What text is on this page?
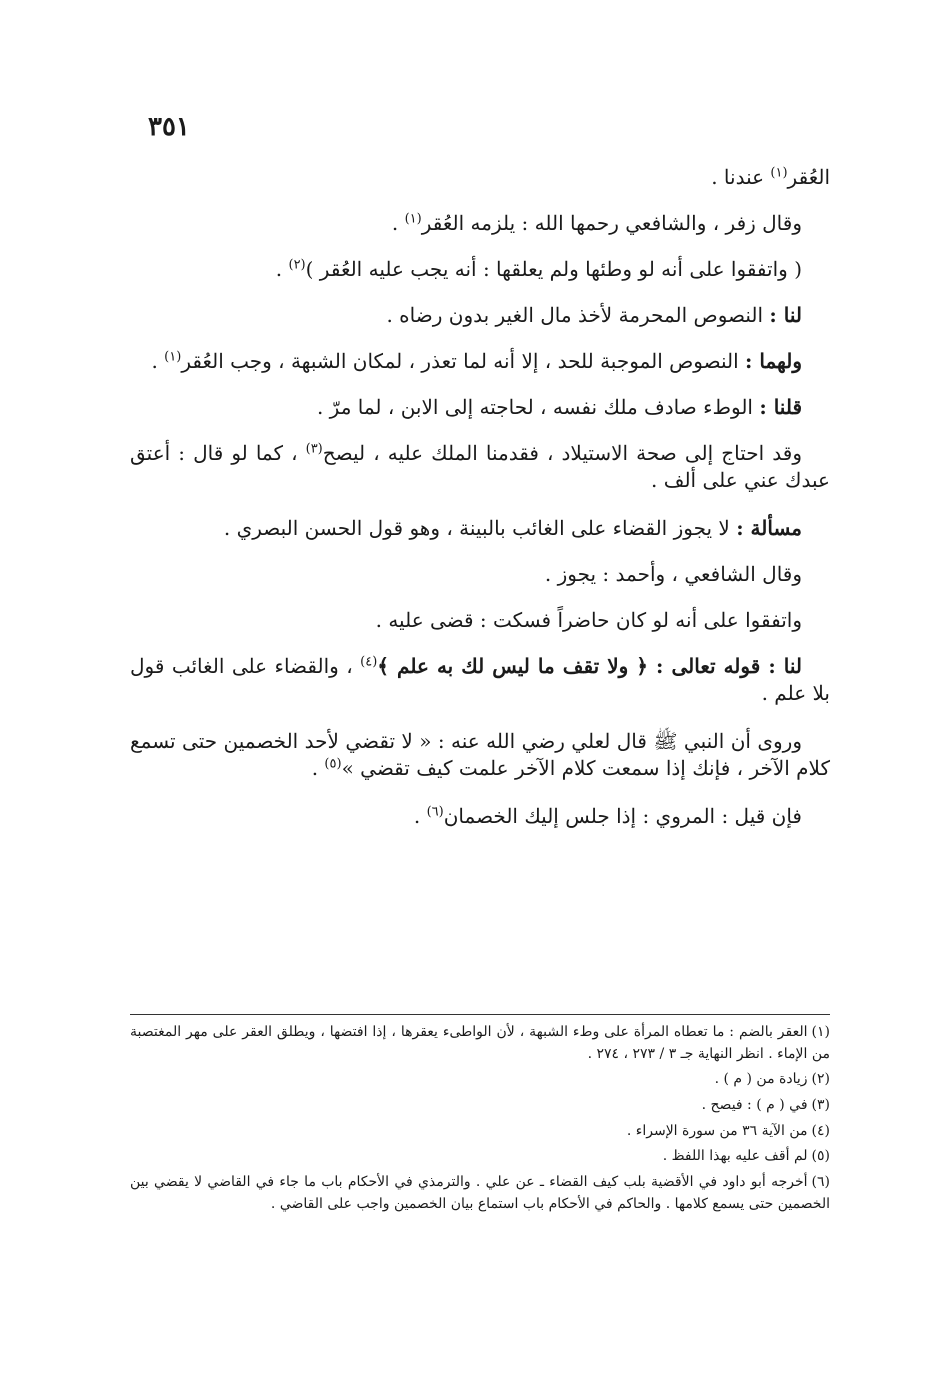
٣٥١

العُقر$^{(١)}$ عندنا .

وقال زفر ، والشافعي رحمها الله : يلزمه العُقر$^{(١)}$ .

( واتفقوا على أنه لو وطئها ولم يعلقها : أنه يجب عليه العُقر )$^{(٢)}$ .

لنا : النصوص المحرمة لأخذ مال الغير بدون رضاه .

ولهما : النصوص الموجبة للحد ، إلا أنه لما تعذر ، لمكان الشبهة ، وجب العُقر$^{(١)}$ .

قلنا : الوطء صادف ملك نفسه ، لحاجته إلى الابن ، لما مرّ .

وقد احتاج إلى صحة الاستيلاد ، فقدمنا الملك عليه ، ليصح$^{(٣)}$ ، كما لو قال : أعتق عبدك عني على ألف .

مسألة : لا يجوز القضاء على الغائب بالبينة ، وهو قول الحسن البصري .

وقال الشافعي ، وأحمد : يجوز .

واتفقوا على أنه لو كان حاضراً فسكت : قضى عليه .

لنا : قوله تعالى : ﴿ ولا تقف ما ليس لك به علم ﴾$^{(٤)}$ ، والقضاء على الغائب قول بلا علم .

وروى أن النبي ﷺ قال لعلي رضي الله عنه : « لا تقضي لأحد الخصمين حتى تسمع كلام الآخر ، فإنك إذا سمعت كلام الآخر علمت كيف تقضي »$^{(٥)}$ .

فإن قيل : المروي : إذا جلس إليك الخصمان$^{(٦)}$ .

(١)العقر بالضم : ما تعطاه المرأة على وطء الشبهة ، لأن الواطىء يعقرها ، إذا افتضها ، ويطلق العقر على مهر المغتصبة من الإماء . انظر النهاية جـ ٣ / ٢٧٣ ، ٢٧٤ .

(٢)زيادة من ( م ) .

(٣)في ( م ) : فيصح .

(٤)من الآية ٣٦ من سورة الإسراء .

(٥)لم أقف عليه بهذا اللفظ .

(٦)أخرجه أبو داود في الأقضية بلب كيف القضاء ـ عن علي . والترمذي في الأحكام باب ما جاء في القاضي لا يقضي بين الخصمين حتى يسمع كلامها . والحاكم في الأحكام باب استماع بيان الخصمين واجب على القاضي .
